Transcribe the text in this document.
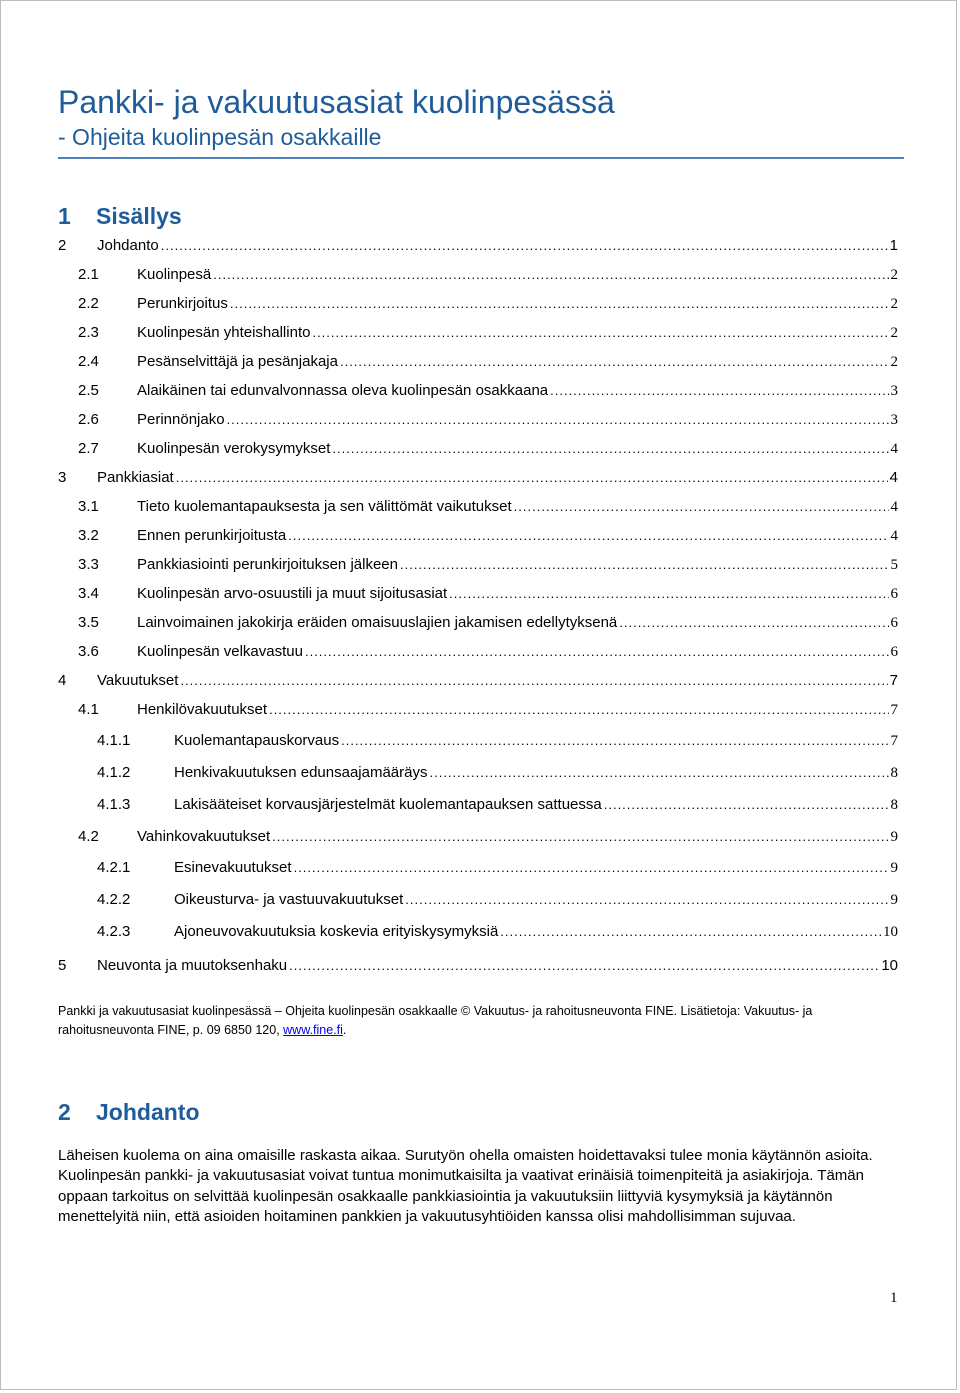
Pankki- ja vakuutusasiat kuolinpesässä

- Ohjeita kuolinpesän osakkaille

1 Sisällys
2	Johdanto .....	1
2.1	Kuolinpesä .....	2
2.2	Perunkirjoitus .....	2
2.3	Kuolinpesän yhteishallinto .....	2
2.4	Pesänselvittäjä ja pesänjakaja .....	2
2.5	Alaikäinen tai edunvalvonnassa oleva kuolinpesän osakkaana .....	3
2.6	Perinnönjako .....	3
2.7	Kuolinpesän verokysymykset .....	4
3	Pankkiasiat .....	4
3.1	Tieto kuolemantapauksesta ja sen välittömät vaikutukset .....	4
3.2	Ennen perunkirjoitusta .....	4
3.3	Pankkiasiointi perunkirjoituksen jälkeen .....	5
3.4	Kuolinpesän arvo-osuustili ja muut sijoitusasiat .....	6
3.5	Lainvoimainen jakokirja eräiden omaisuuslajien jakamisen edellytyksenä .....	6
3.6	Kuolinpesän velkavastuu .....	6
4	Vakuutukset .....	7
4.1	Henkilövakuutukset .....	7
4.1.1	Kuolemantapauskorvaus .....	7
4.1.2	Henkivakuutuksen edunsaajamääräys .....	8
4.1.3	Lakisääteiset korvausjärjestelmät kuolemantapauksen sattuessa .....	8
4.2	Vahinkovakuutukset .....	9
4.2.1	Esinevakuutukset .....	9
4.2.2	Oikeusturva- ja vastuuvakuutukset .....	9
4.2.3	Ajoneuvovakuutuksia koskevia erityiskysymyksiä .....	10
5	Neuvonta ja muutoksenhaku .....	10

Pankki ja vakuutusasiat kuolinpesässä – Ohjeita kuolinpesän osakkaalle © Vakuutus- ja rahoitusneuvonta FINE. Lisätietoja: Vakuutus- ja rahoitusneuvonta FINE, p. 09 6850 120, www.fine.fi.

2 Johdanto

Läheisen kuolema on aina omaisille raskasta aikaa. Surutyön ohella omaisten hoidettavaksi tulee monia käytännön asioita. Kuolinpesän pankki- ja vakuutusasiat voivat tuntua monimutkaisilta ja vaativat erinäisiä toimenpiteitä ja asiakirjoja. Tämän oppaan tarkoitus on selvittää kuolinpesän osakkaalle pankkiasiointia ja vakuutuksiin liittyviä kysymyksiä ja käytännön menettelyitä niin, että asioiden hoitaminen pankkien ja vakuutusyhtiöiden kanssa olisi mahdollisimman sujuvaa.

1
